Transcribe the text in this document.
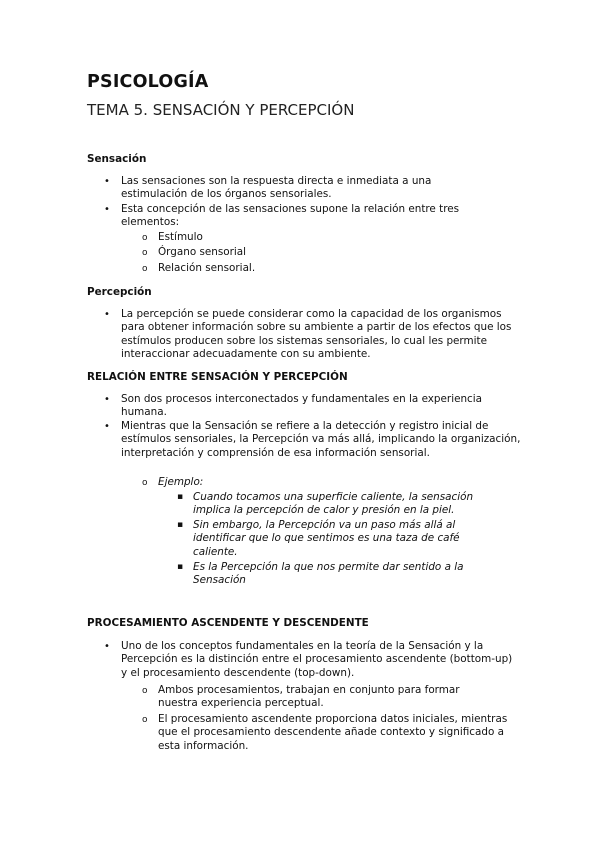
PSICOLOGÍA
TEMA 5. SENSACIÓN Y PERCEPCIÓN
Sensación
• Las sensaciones son la respuesta directa e inmediata a una estimulación de los órganos sensoriales.
• Esta concepción de las sensaciones supone la relación entre tres elementos:
o Estímulo
o Órgano sensorial
o Relación sensorial.
Percepción
• La percepción se puede considerar como la capacidad de los organismos para obtener información sobre su ambiente a partir de los efectos que los estímulos producen sobre los sistemas sensoriales, lo cual les permite interaccionar adecuadamente con su ambiente.
RELACIÓN ENTRE SENSACIÓN Y PERCEPCIÓN
• Son dos procesos interconectados y fundamentales en la experiencia humana.
• Mientras que la Sensación se refiere a la detección y registro inicial de estímulos sensoriales, la Percepción va más allá, implicando la organización, interpretación y comprensión de esa información sensorial.
o Ejemplo:
▪ Cuando tocamos una superficie caliente, la sensación implica la percepción de calor y presión en la piel.
▪ Sin embargo, la Percepción va un paso más allá al identificar que lo que sentimos es una taza de café caliente.
▪ Es la Percepción la que nos permite dar sentido a la Sensación
PROCESAMIENTO ASCENDENTE Y DESCENDENTE
• Uno de los conceptos fundamentales en la teoría de la Sensación y la Percepción es la distinción entre el procesamiento ascendente (bottom-up) y el procesamiento descendente (top-down).
o Ambos procesamientos, trabajan en conjunto para formar nuestra experiencia perceptual.
o El procesamiento ascendente proporciona datos iniciales, mientras que el procesamiento descendente añade contexto y significado a esta información.
